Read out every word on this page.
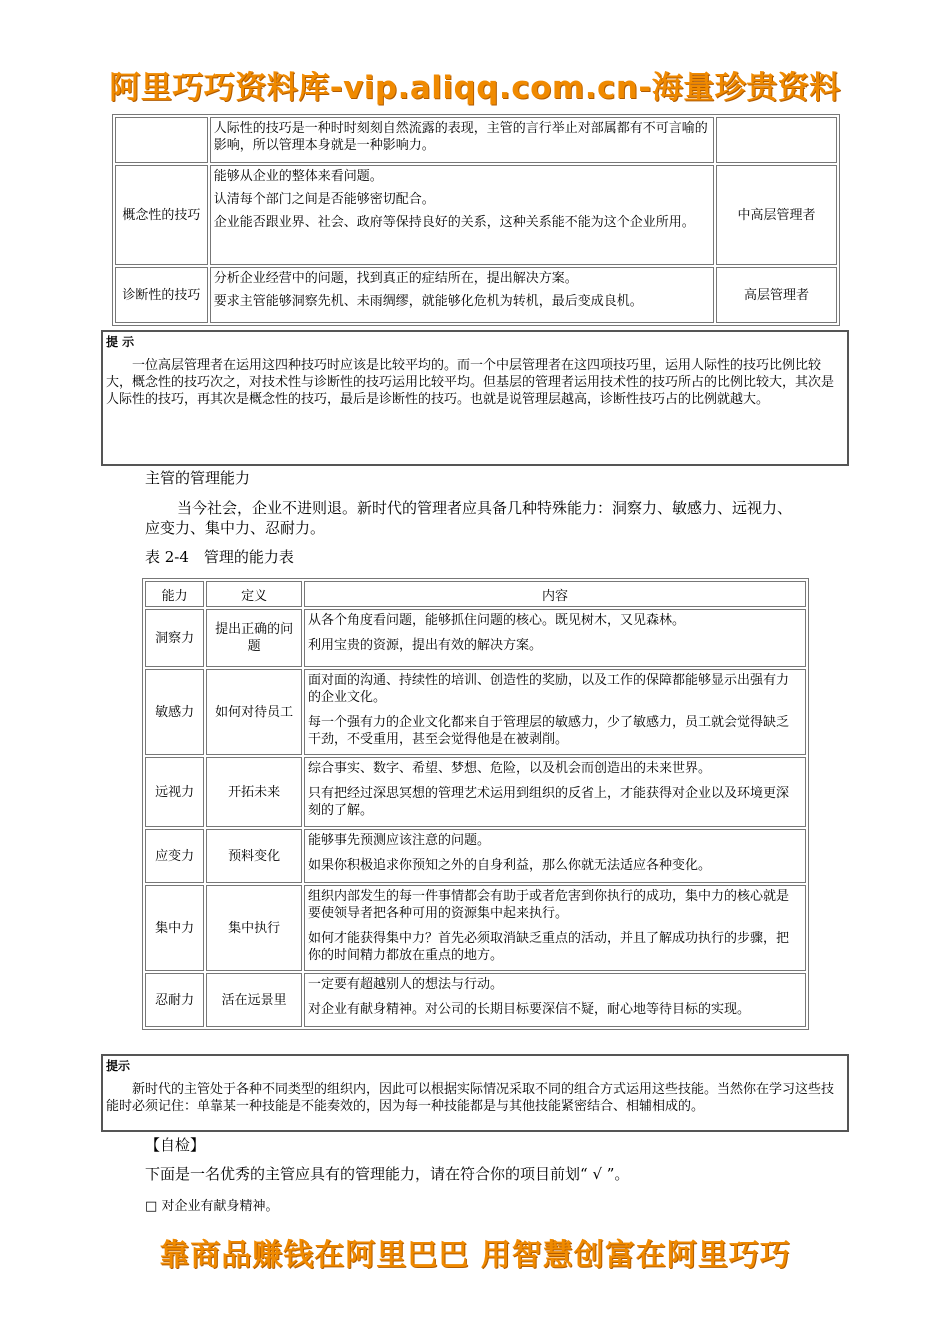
阿里巧巧资料库-vip.aliqq.com.cn-海量珍贵资料

	人际性的技巧是一种时时刻刻自然流露的表现，主管的言行举止对部属都有不可言喻的影响，所以管理本身就是一种影响力。	

概念性的技巧	能够从企业的整体来看问题。

认清每个部门之间是否能够密切配合。

企业能否跟业界、社会、政府等保持良好的关系，这种关系能不能为这个企业所用。	中高层管理者
诊断性的技巧	分析企业经营中的问题，找到真正的症结所在，提出解决方案。

要求主管能够洞察先机、未雨绸缪，就能够化危机为转机，最后变成良机。	高层管理者
提 示
一位高层管理者在运用这四种技巧时应该是比较平均的。而一个中层管理者在这四项技巧里，运用人际性的技巧比例比较大，概念性的技巧次之，对技术性与诊断性的技巧运用比较平均。但基层的管理者运用技术性的技巧所占的比例比较大，其次是人际性的技巧，再其次是概念性的技巧，最后是诊断性的技巧。也就是说管理层越高，诊断性技巧占的比例就越大。
主管的管理能力
当今社会，企业不进则退。新时代的管理者应具备几种特殊能力：洞察力、敏感力、远视力、应变力、集中力、忍耐力。
表 2-4　管理的能力表
能力	定义	内容
洞察力	提出正确的问题	从各个角度看问题，能够抓住问题的核心。既见树木，又见森林。

利用宝贵的资源，提出有效的解决方案。

敏感力	如何对待员工	面对面的沟通、持续性的培训、创造性的奖励，以及工作的保障都能够显示出强有力的企业文化。

每一个强有力的企业文化都来自于管理层的敏感力，少了敏感力，员工就会觉得缺乏干劲，不受重用，甚至会觉得他是在被剥削。

远视力	开拓未来	综合事实、数字、希望、梦想、危险，以及机会而创造出的未来世界。

只有把经过深思冥想的管理艺术运用到组织的反省上，才能获得对企业以及环境更深刻的了解。

应变力	预料变化	能够事先预测应该注意的问题。

如果你积极追求你预知之外的自身利益，那么你就无法适应各种变化。

集中力	集中执行	组织内部发生的每一件事情都会有助于或者危害到你执行的成功，集中力的核心就是要使领导者把各种可用的资源集中起来执行。

如何才能获得集中力？首先必须取消缺乏重点的活动，并且了解成功执行的步骤，把你的时间精力都放在重点的地方。

忍耐力	活在远景里	一定要有超越别人的想法与行动。

对企业有献身精神。对公司的长期目标要深信不疑，耐心地等待目标的实现。

提示
新时代的主管处于各种不同类型的组织内，因此可以根据实际情况采取不同的组合方式运用这些技能。当然你在学习这些技能时必须记住：单靠某一种技能是不能奏效的，因为每一种技能都是与其他技能紧密结合、相辅相成的。
【自检】
下面是一名优秀的主管应具有的管理能力，请在符合你的项目前划“ √ ”。
□ 对企业有献身精神。
靠商品赚钱在阿里巴巴 用智慧创富在阿里巧巧
